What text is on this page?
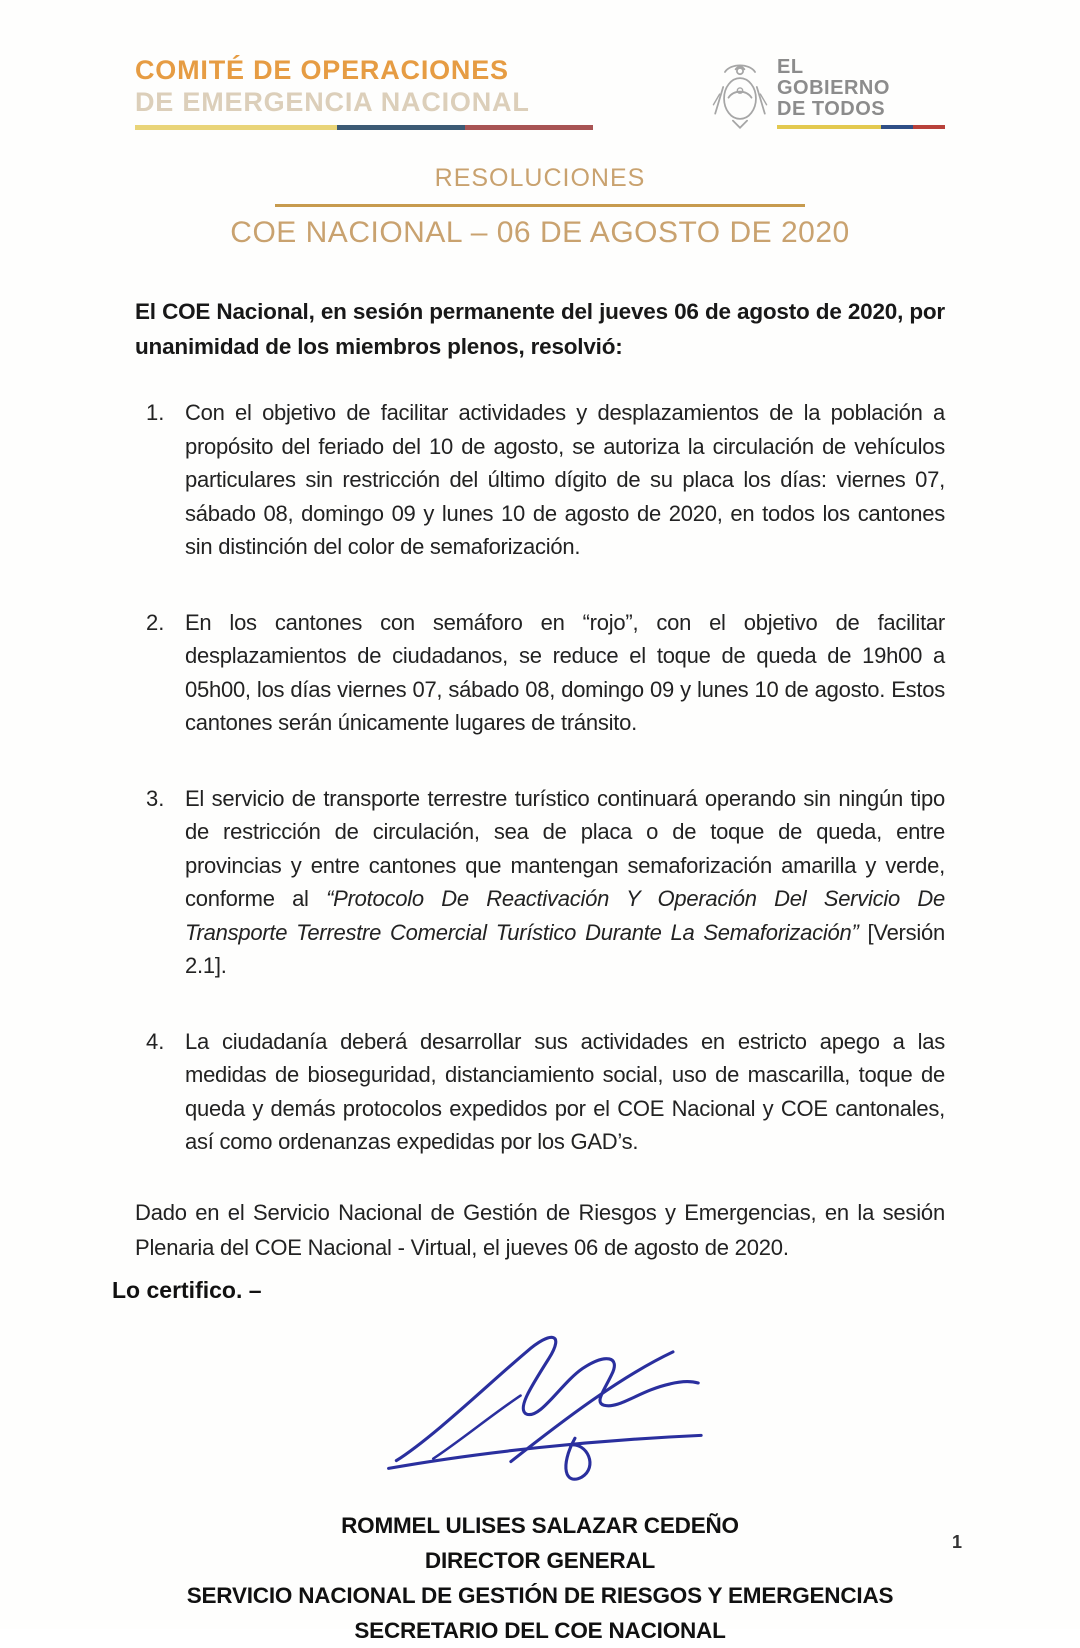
COMITÉ DE OPERACIONES
DE EMERGENCIA NACIONAL
EL
GOBIERNO
DE TODOS
RESOLUCIONES
COE NACIONAL – 06 DE AGOSTO DE 2020

El COE Nacional, en sesión permanente del jueves 06 de agosto de 2020, por unanimidad de los miembros plenos, resolvió:

1. Con el objetivo de facilitar actividades y desplazamientos de la población a propósito del feriado del 10 de agosto, se autoriza la circulación de vehículos particulares sin restricción del último dígito de su placa los días: viernes 07, sábado 08, domingo 09 y lunes 10 de agosto de 2020, en todos los cantones sin distinción del color de semaforización.
2. En los cantones con semáforo en “rojo”, con el objetivo de facilitar desplazamientos de ciudadanos, se reduce el toque de queda de 19h00 a 05h00, los días viernes 07, sábado 08, domingo 09 y lunes 10 de agosto. Estos cantones serán únicamente lugares de tránsito.
3. El servicio de transporte terrestre turístico continuará operando sin ningún tipo de restricción de circulación, sea de placa o de toque de queda, entre provincias y entre cantones que mantengan semaforización amarilla y verde, conforme al “Protocolo De Reactivación Y Operación Del Servicio De Transporte Terrestre Comercial Turístico Durante La Semaforización” [Versión 2.1].
4. La ciudadanía deberá desarrollar sus actividades en estricto apego a las medidas de bioseguridad, distanciamiento social, uso de mascarilla, toque de queda y demás protocolos expedidos por el COE Nacional y COE cantonales, así como ordenanzas expedidas por los GAD’s.

Dado en el Servicio Nacional de Gestión de Riesgos y Emergencias, en la sesión Plenaria del COE Nacional - Virtual, el jueves 06 de agosto de 2020.

Lo certifico. –

ROMMEL ULISES SALAZAR CEDEÑO
DIRECTOR GENERAL
SERVICIO NACIONAL DE GESTIÓN DE RIESGOS Y EMERGENCIAS
SECRETARIO DEL COE NACIONAL
1
